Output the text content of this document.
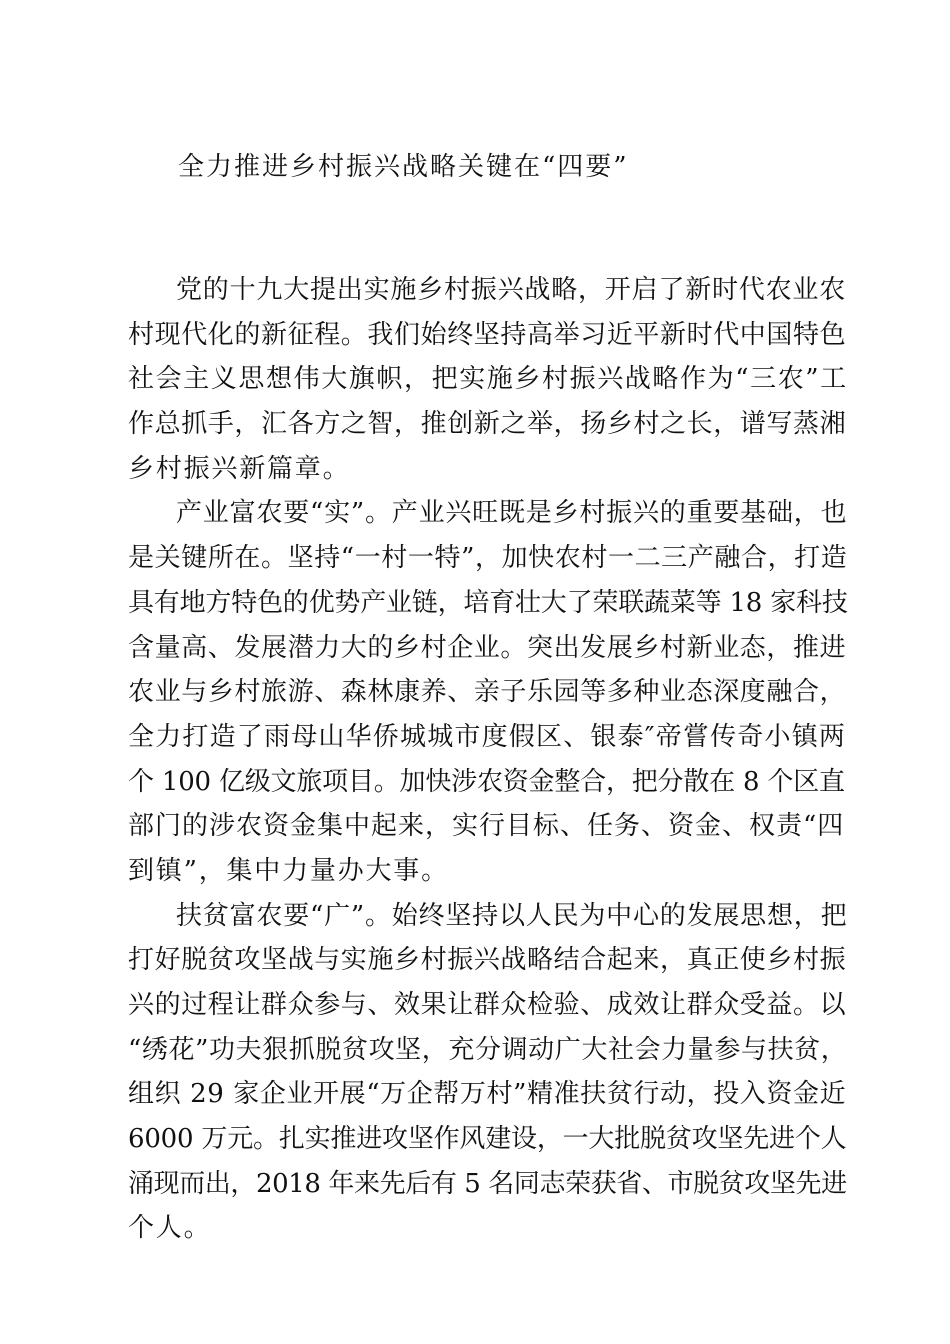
全力推进乡村振兴战略关键在“四要”
党的十九大提出实施乡村振兴战略，开启了新时代农业农
村现代化的新征程。我们始终坚持高举习近平新时代中国特色
社会主义思想伟大旗帜，把实施乡村振兴战略作为“三农”工
作总抓手，汇各方之智，推创新之举，扬乡村之长，谱写蒸湘
乡村振兴新篇章。
产业富农要“实”。产业兴旺既是乡村振兴的重要基础，也
是关键所在。坚持“一村一特”，加快农村一二三产融合，打造
具有地方特色的优势产业链，培育壮大了荣联蔬菜等 18 家科技
含量高、发展潜力大的乡村企业。突出发展乡村新业态，推进
农业与乡村旅游、森林康养、亲子乐园等多种业态深度融合，
全力打造了雨母山华侨城城市度假区、银泰″帝嘗传奇小镇两
个 100 亿级文旅项目。加快涉农资金整合，把分散在 8 个区直
部门的涉农资金集中起来，实行目标、任务、资金、权责“四
到镇”，集中力量办大事。
扶贫富农要“广”。始终坚持以人民为中心的发展思想，把
打好脱贫攻坚战与实施乡村振兴战略结合起来，真正使乡村振
兴的过程让群众参与、效果让群众检验、成效让群众受益。以
“绣花”功夫狠抓脱贫攻坚，充分调动广大社会力量参与扶贫，
组织 29 家企业开展“万企帮万村”精准扶贫行动，投入资金近
6000 万元。扎实推进攻坚作风建设，一大批脱贫攻坚先进个人
涌现而出，2018 年来先后有 5 名同志荣获省、市脱贫攻坚先进
个人。
